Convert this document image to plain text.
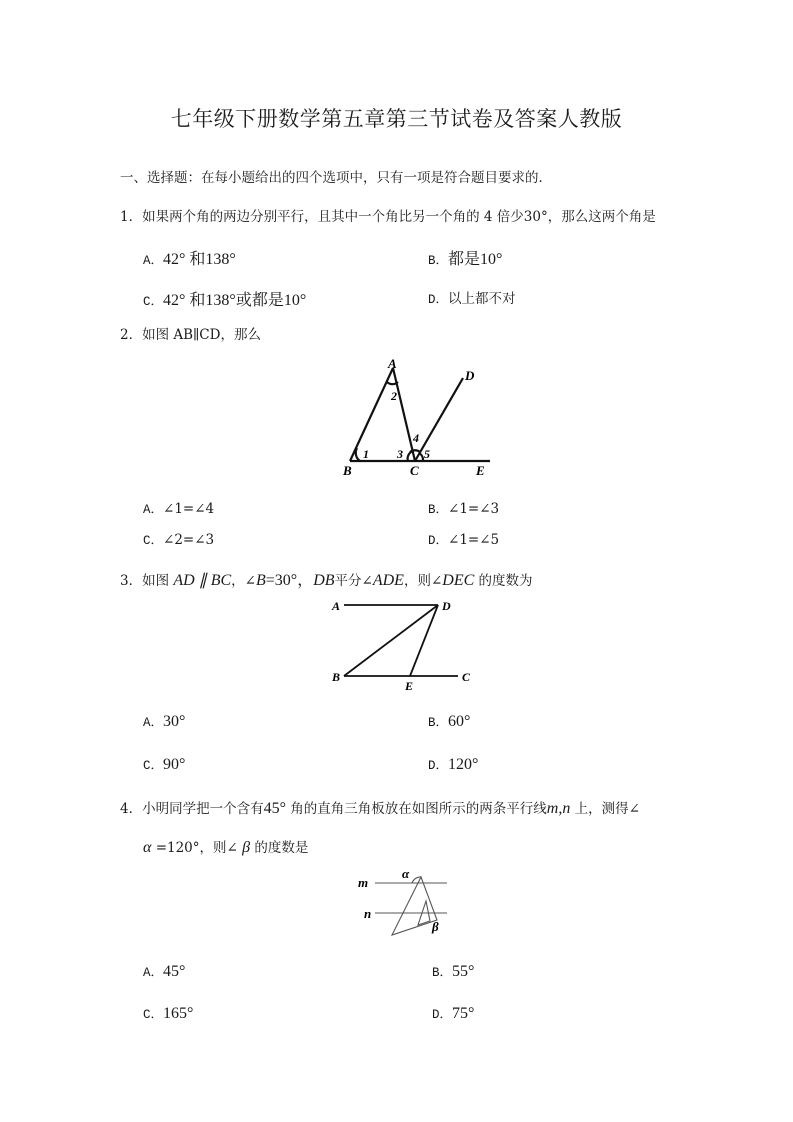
七年级下册数学第五章第三节试卷及答案人教版
一、选择题：在每小题给出的四个选项中，只有一项是符合题目要求的．
1．如果两个角的两边分别平行，且其中一个角比另一个角的 4 倍少30°，那么这两个角是
A．42° 和138°	B．都是10°
C．42° 和138°或都是10°	D．以上都不对
2．如图 AB∥CD，那么
A
2
D
1 3
4
5
B	C	E
A．∠1=∠4	B．∠1=∠3
C．∠2=∠3	D．∠1=∠5
3．如图 AD ∥ BC，∠B=30°，DB平分∠ADE，则∠DEC 的度数为
A	D
B
E
C
A．30°	B．60°
C．90°	D．120°
4．小明同学把一个含有45° 角的直角三角板放在如图所示的两条平行线m,n 上，测得∠
α =120°，则∠ β 的度数是
m
n
α
β
A．45°	B．55°
C．165°	D．75°
